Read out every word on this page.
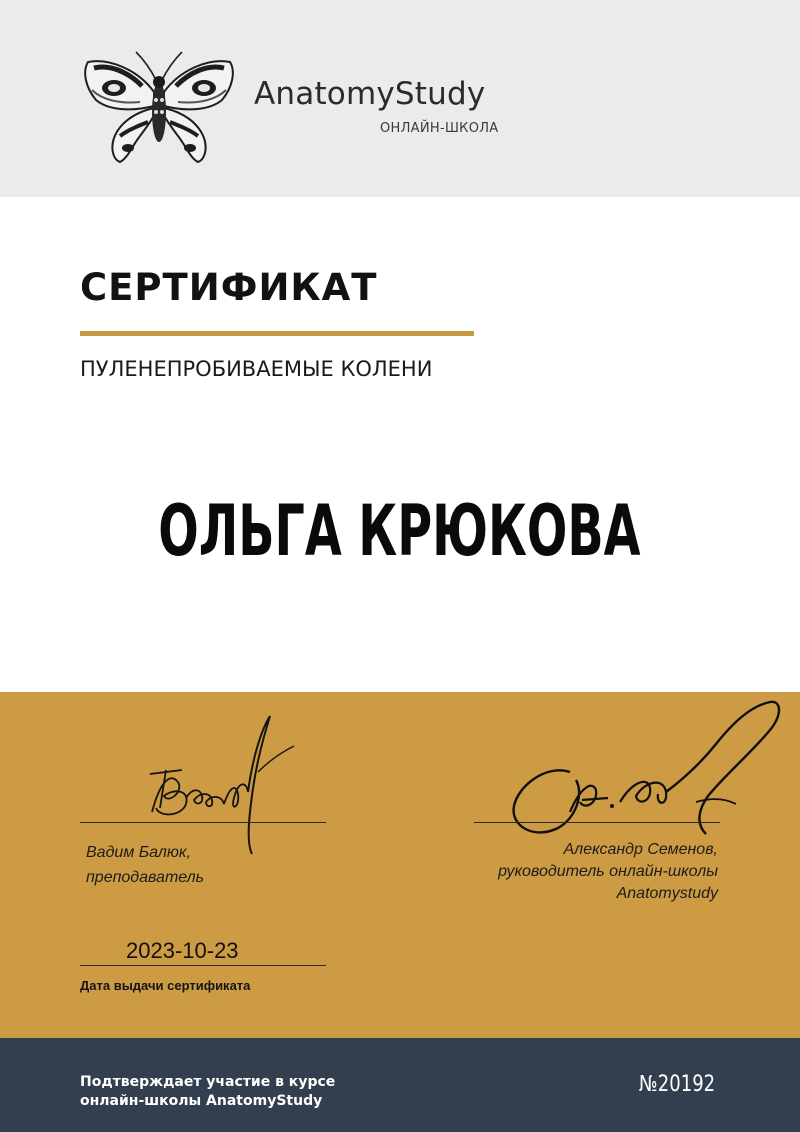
AnatomyStudy
ОНЛАЙН-ШКОЛА
СЕРТИФИКАТ
ПУЛЕНЕПРОБИВАЕМЫЕ КОЛЕНИ
ОЛЬГА КРЮКОВА
Вадим Балюк,
преподаватель
Александр Семенов,
руководитель онлайн-школы
Anatomystudy
2023-10-23
Дата выдачи сертификата
Подтверждает участие в курсе
онлайн-школы AnatomyStudy
№20192
